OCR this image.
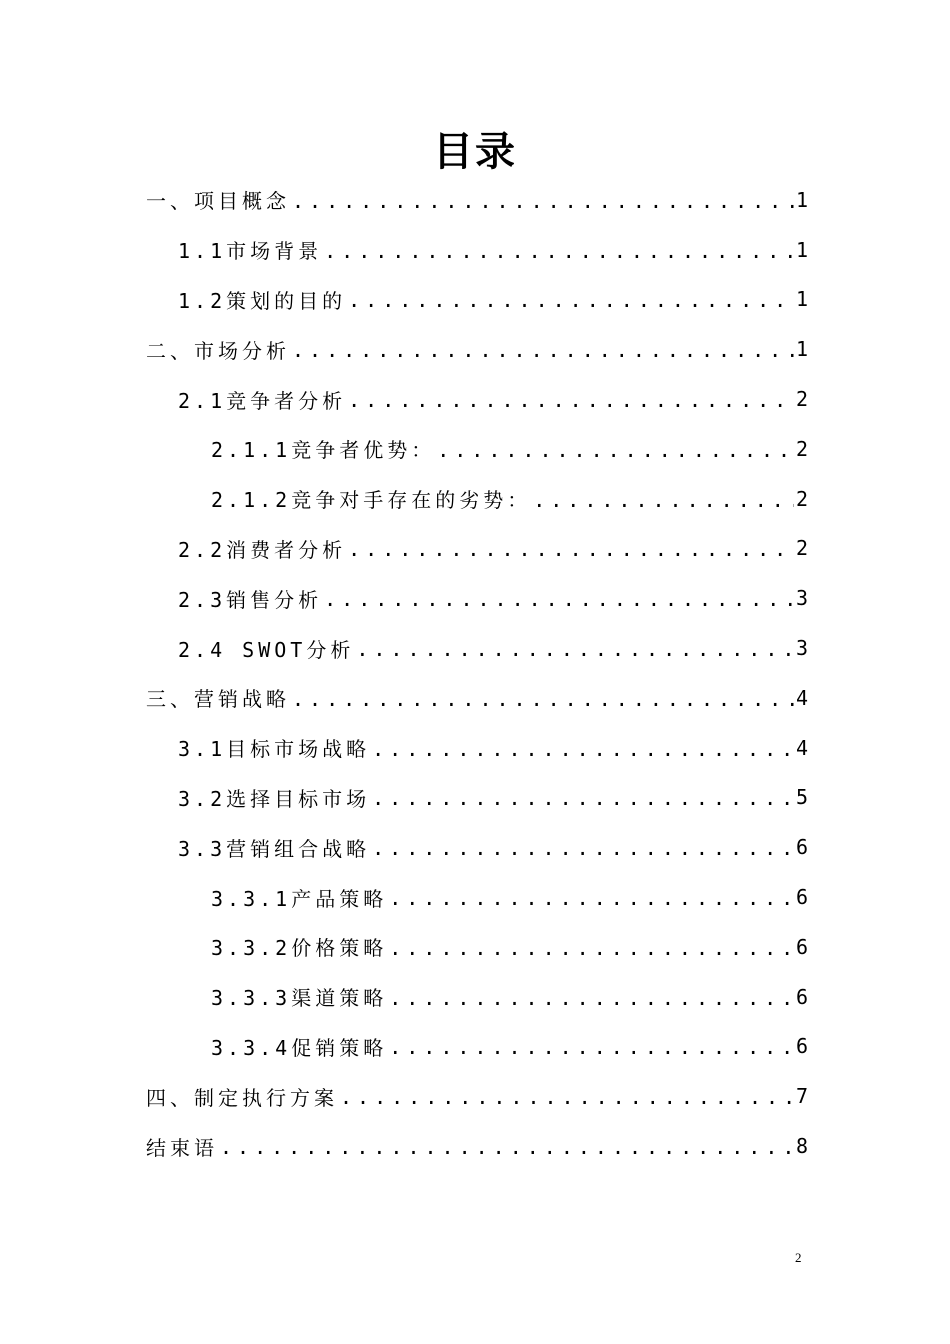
目录
一、项目概念 .....	1
1.1市场背景 .....	1
1.2策划的目的 .....	1
二、市场分析 .....	1
2.1竞争者分析 .....	2
2.1.1竞争者优势： .....	2
2.1.2竞争对手存在的劣势： .....	2
2.2消费者分析 .....	2
2.3销售分析 .....	3
2.4 SWOT分析 .....	3
三、营销战略 .....	4
3.1目标市场战略 .....	4
3.2选择目标市场 .....	5
3.3营销组合战略 .....	6
3.3.1产品策略 .....	6
3.3.2价格策略 .....	6
3.3.3渠道策略 .....	6
3.3.4促销策略 .....	6
四、制定执行方案 .....	7
结束语 .....	8
2
